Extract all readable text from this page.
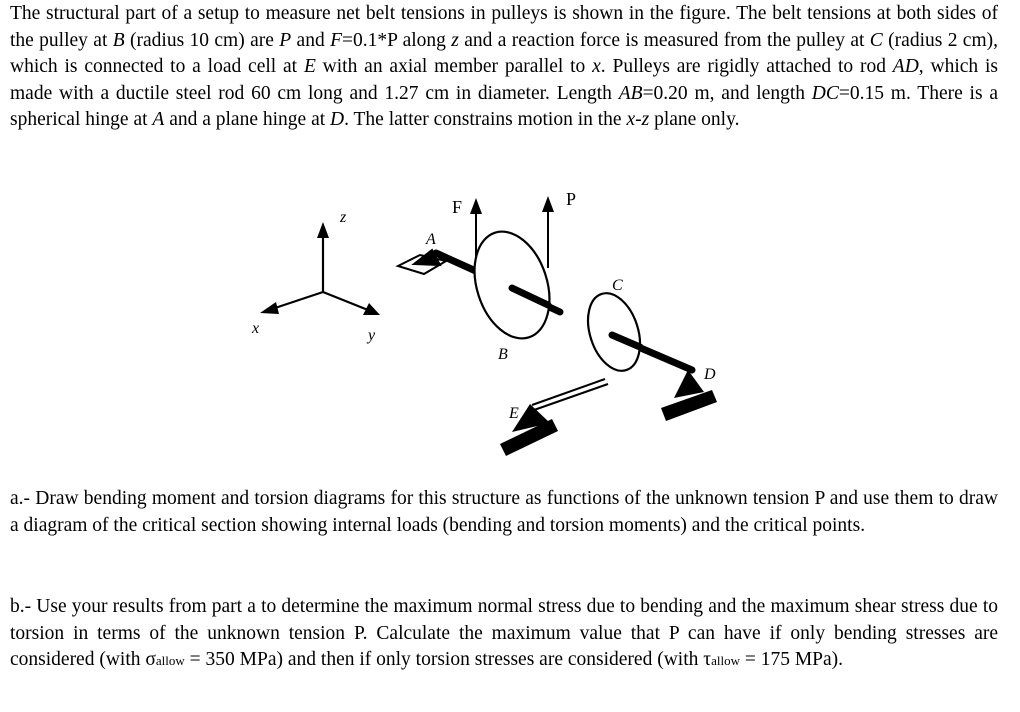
The structural part of a setup to measure net belt tensions in pulleys is shown in the figure. The belt tensions at both sides of the pulley at B (radius 10 cm) are P and F=0.1*P along z and a reaction force is measured from the pulley at C (radius 2 cm), which is connected to a load cell at E with an axial member parallel to x. Pulleys are rigidly attached to rod AD, which is made with a ductile steel rod 60 cm long and 1.27 cm in diameter. Length AB=0.20 m, and length DC=0.15 m. There is a spherical hinge at A and a plane hinge at D. The latter constrains motion in the x-z plane only.
z
x	y
A
F	P
B
C
E
D
a.- Draw bending moment and torsion diagrams for this structure as functions of the unknown tension P and use them to draw a diagram of the critical section showing internal loads (bending and torsion moments) and the critical points.
b.- Use your results from part a to determine the maximum normal stress due to bending and the maximum shear stress due to torsion in terms of the unknown tension P. Calculate the maximum value that P can have if only bending stresses are considered (with σallow = 350 MPa) and then if only torsion stresses are considered (with τallow = 175 MPa).
